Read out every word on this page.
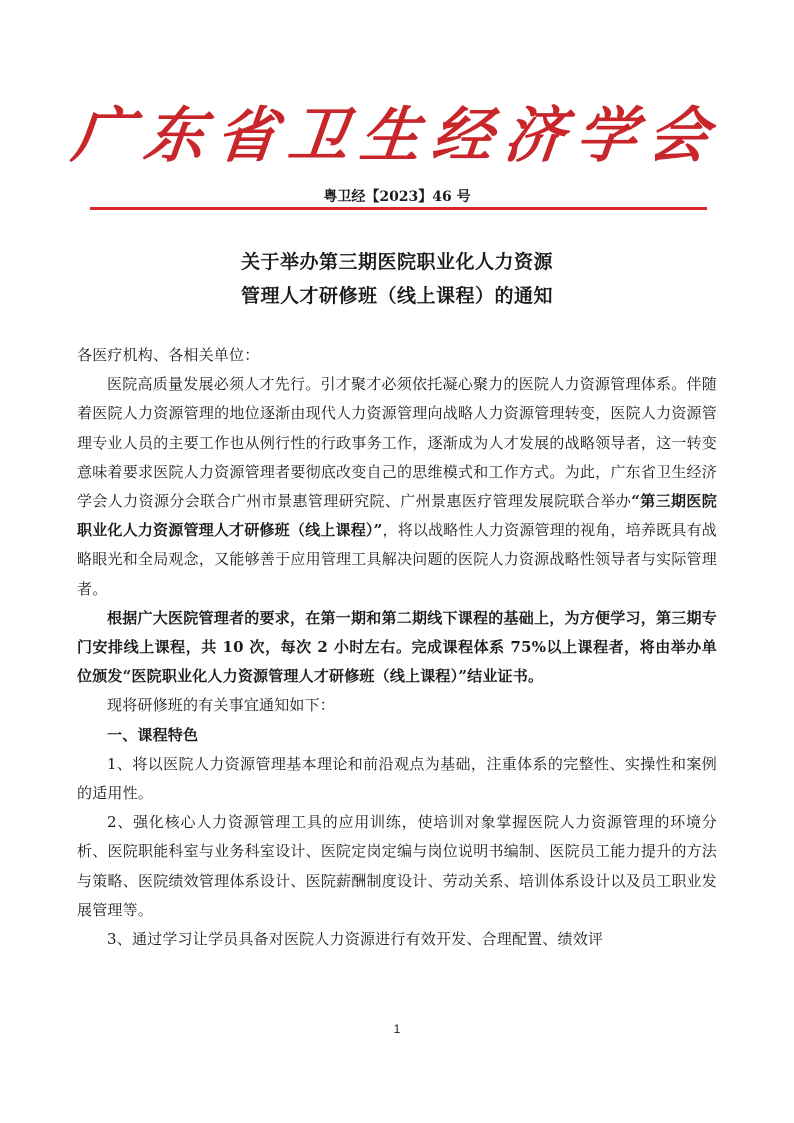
广东省卫生经济学会
粤卫经【2023】46 号
关于举办第三期医院职业化人力资源
管理人才研修班（线上课程）的通知

各医疗机构、各相关单位：

医院高质量发展必须人才先行。引才聚才必须依托凝心聚力的医院人力资源管理体系。伴随着医院人力资源管理的地位逐渐由现代人力资源管理向战略人力资源管理转变，医院人力资源管理专业人员的主要工作也从例行性的行政事务工作，逐渐成为人才发展的战略领导者，这一转变意味着要求医院人力资源管理者要彻底改变自己的思维模式和工作方式。为此，广东省卫生经济学会人力资源分会联合广州市景惠管理研究院、广州景惠医疗管理发展院联合举办“第三期医院职业化人力资源管理人才研修班（线上课程）”，将以战略性人力资源管理的视角，培养既具有战略眼光和全局观念，又能够善于应用管理工具解决问题的医院人力资源战略性领导者与实际管理者。

根据广大医院管理者的要求，在第一期和第二期线下课程的基础上，为方便学习，第三期专门安排线上课程，共 10 次，每次 2 小时左右。完成课程体系 75%以上课程者，将由举办单位颁发“医院职业化人力资源管理人才研修班（线上课程）”结业证书。

现将研修班的有关事宜通知如下：

一、课程特色

1、将以医院人力资源管理基本理论和前沿观点为基础，注重体系的完整性、实操性和案例的适用性。

2、强化核心人力资源管理工具的应用训练，使培训对象掌握医院人力资源管理的环境分析、医院职能科室与业务科室设计、医院定岗定编与岗位说明书编制、医院员工能力提升的方法与策略、医院绩效管理体系设计、医院薪酬制度设计、劳动关系、培训体系设计以及员工职业发展管理等。

3、通过学习让学员具备对医院人力资源进行有效开发、合理配置、绩效评

1
